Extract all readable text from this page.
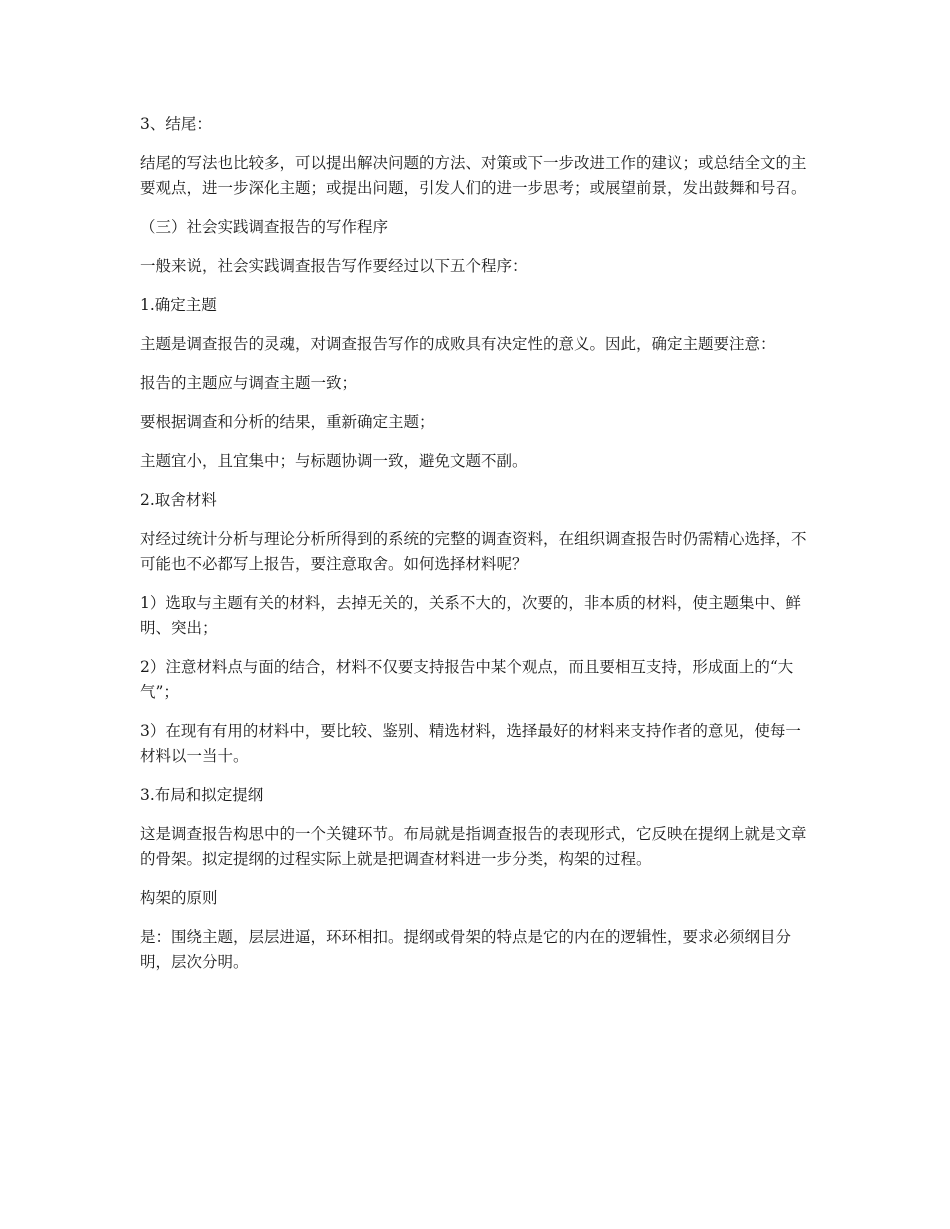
3、结尾：

结尾的写法也比较多，可以提出解决问题的方法、对策或下一步改进工作的建议；或总结全文的主要观点，进一步深化主题；或提出问题，引发人们的进一步思考；或展望前景，发出鼓舞和号召。

（三）社会实践调查报告的写作程序

一般来说，社会实践调查报告写作要经过以下五个程序：

1.确定主题

主题是调查报告的灵魂，对调查报告写作的成败具有决定性的意义。因此，确定主题要注意：

报告的主题应与调查主题一致；

要根据调查和分析的结果，重新确定主题；

主题宜小，且宜集中；与标题协调一致，避免文题不副。

2.取舍材料

对经过统计分析与理论分析所得到的系统的完整的调查资料，在组织调查报告时仍需精心选择，不可能也不必都写上报告，要注意取舍。如何选择材料呢？

1）选取与主题有关的材料，去掉无关的，关系不大的，次要的，非本质的材料，使主题集中、鲜明、突出；

2）注意材料点与面的结合，材料不仅要支持报告中某个观点，而且要相互支持，形成面上的“大气”；

3）在现有有用的材料中，要比较、鉴别、精选材料，选择最好的材料来支持作者的意见，使每一材料以一当十。

3.布局和拟定提纲

这是调查报告构思中的一个关键环节。布局就是指调查报告的表现形式，它反映在提纲上就是文章的骨架。拟定提纲的过程实际上就是把调查材料进一步分类，构架的过程。

构架的原则

是：围绕主题，层层进逼，环环相扣。提纲或骨架的特点是它的内在的逻辑性，要求必须纲目分明，层次分明。
